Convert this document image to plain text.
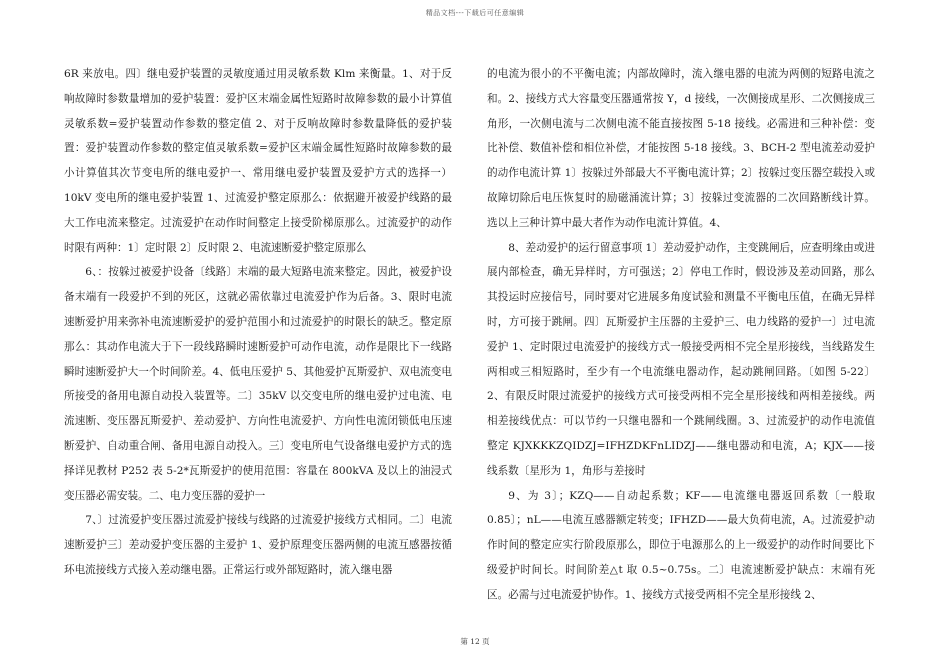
精品文档---下载后可任意编辑

6R 来放电。四〕继电爱护装置的灵敏度通过用灵敏系数 Klm 来衡量。1、对于反响故障时参数量增加的爱护装置：爱护区末端金属性短路时故障参数的最小计算值灵敏系数=爱护装置动作参数的整定值 2、对于反响故障时参数量降低的爱护装置：爱护装置动作参数的整定值灵敏系数=爱护区末端金属性短路时故障参数的最小计算值其次节变电所的继电爱护一、常用继电爱护装置及爱护方式的选择一）10kV 变电所的继电爱护装置 1、过流爱护整定原那么：依据避开被爱护线路的最大工作电流来整定。过流爱护在动作时间整定上接受阶梯原那么。过流爱护的动作时限有两种：1〕定时限 2〕反时限 2、电流速断爱护整定原那么

6、：按躲过被爱护设备〔线路〕末端的最大短路电流来整定。因此，被爱护设备末端有一段爱护不到的死区，这就必需依靠过电流爱护作为后备。3、限时电流速断爱护用来弥补电流速断爱护的爱护范围小和过流爱护的时限长的缺乏。整定原那么：其动作电流大于下一段线路瞬时速断爱护可动作电流，动作是限比下一线路瞬时速断爱护大一个时间阶差。4、低电压爱护 5、其他爱护瓦斯爱护、双电流变电所接受的备用电源自动投入装置等。二〕35kV 以交变电所的继电爱护过电流、电流速断、变压器瓦斯爱护、差动爱护、方向性电流爱护、方向性电流闭锁低电压速断爱护、自动重合闸、备用电源自动投入。三〕变电所电气设备继电爱护方式的选择详见教材 P252 表 5-2*瓦斯爱护的使用范围：容量在 800kVA 及以上的油浸式变压器必需安装。二、电力变压器的爱护一

7、〕过流爱护变压器过流爱护接线与线路的过流爱护接线方式相同。二〕电流速断爱护三〕差动爱护变压器的主爱护 1、爱护原理变压器两侧的电流互感器按循环电流接线方式接入差动继电器。正常运行或外部短路时，流入继电器

的电流为很小的不平衡电流；内部故障时，流入继电器的电流为两侧的短路电流之和。2、接线方式大容量变压器通常按 Y，d 接线，一次侧接成星形、二次侧接成三角形，一次侧电流与二次侧电流不能直接按图 5-18 接线。必需进和三种补偿：变比补偿、数值补偿和相位补偿，才能按图 5-18 接线。3、BCH-2 型电流差动爱护的动作电流计算 1〕按躲过外部最大不平衡电流计算；2〕按躲过变压器空载投入或故障切除后电压恢复时的励磁涌流计算；3〕按躲过变流器的二次回路断线计算。选以上三种计算中最大者作为动作电流计算值。4、

8、差动爱护的运行留意事项 1〕差动爱护动作，主变跳闸后，应查明缘由或进展内部检查，确无异样时，方可强送；2〕停电工作时，假设涉及差动回路，那么其投运时应接信号，同时要对它进展多角度试验和测量不平衡电压值，在确无异样时，方可接于跳闸。四〕瓦斯爱护主压器的主爱护三、电力线路的爱护一〕过电流爱护 1、定时限过电流爱护的接线方式一般接受两相不完全星形接线，当线路发生两相或三相短路时，至少有一个电流继电器动作，起动跳闸回路。〔如图 5-22〕2、有限反时限过流爱护的接线方式可接受两相不完全星形接线和两相差接线。两相差接线优点：可以节约一只继电器和一个跳闸线圈。3、过流爱护的动作电流值整定 KJXKKKZQIDZJ=IFHZDKFnLIDZJ——继电器动和电流，A；KJX——接线系数〔星形为 1，角形与差接时

9、为 3〕；KZQ——自动起系数；KF——电流继电器返回系数〔一般取 0.85〕；nL——电流互感器额定转变；IFHZD——最大负荷电流，A。过流爱护动作时间的整定应实行阶段原那么，即位于电源那么的上一级爱护的动作时间要比下级爱护时间长。时间阶差△t 取 0.5~0.75s。二〕电流速断爱护缺点：末端有死区。必需与过电流爱护协作。1、接线方式接受两相不完全星形接线 2、

第 12 页
